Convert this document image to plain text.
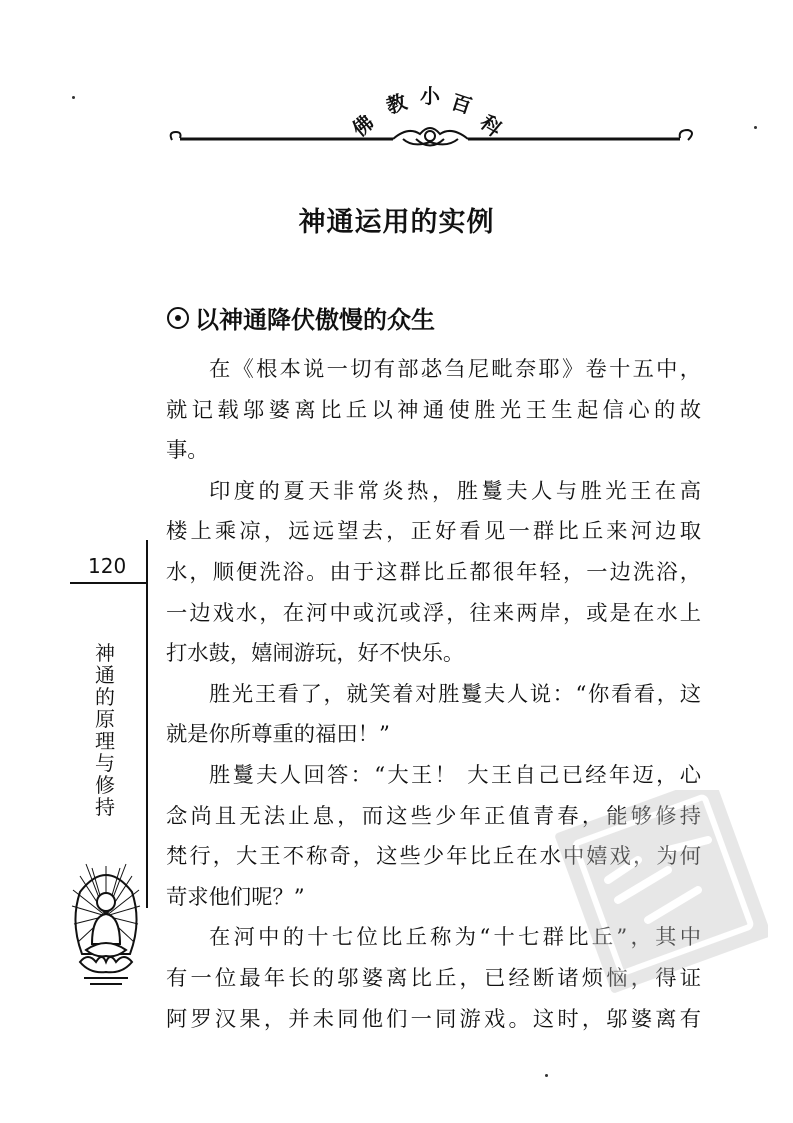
佛
教 小 百
科
神通运用的实例
以神通降伏傲慢的众生
在《根本说一切有部苾刍尼毗奈耶》卷十五中，
就记载邬婆离比丘以神通使胜光王生起信心的故
事。
印度的夏天非常炎热，胜鬘夫人与胜光王在高
楼上乘凉，远远望去，正好看见一群比丘来河边取
水，顺便洗浴。由于这群比丘都很年轻，一边洗浴，
一边戏水，在河中或沉或浮，往来两岸，或是在水上
打水鼓，嬉闹游玩，好不快乐。
胜光王看了，就笑着对胜鬘夫人说：“你看看，这
就是你所尊重的福田！”
胜鬘夫人回答：“大王！ 大王自己已经年迈，心
念尚且无法止息，而这些少年正值青春，能够修持
梵行，大王不称奇，这些少年比丘在水中嬉戏，为何
苛求他们呢？”
在河中的十七位比丘称为“十七群比丘”，其中
有一位最年长的邬婆离比丘，已经断诸烦恼，得证
阿罗汉果，并未同他们一同游戏。这时，邬婆离有
120
神通的原理与修持
